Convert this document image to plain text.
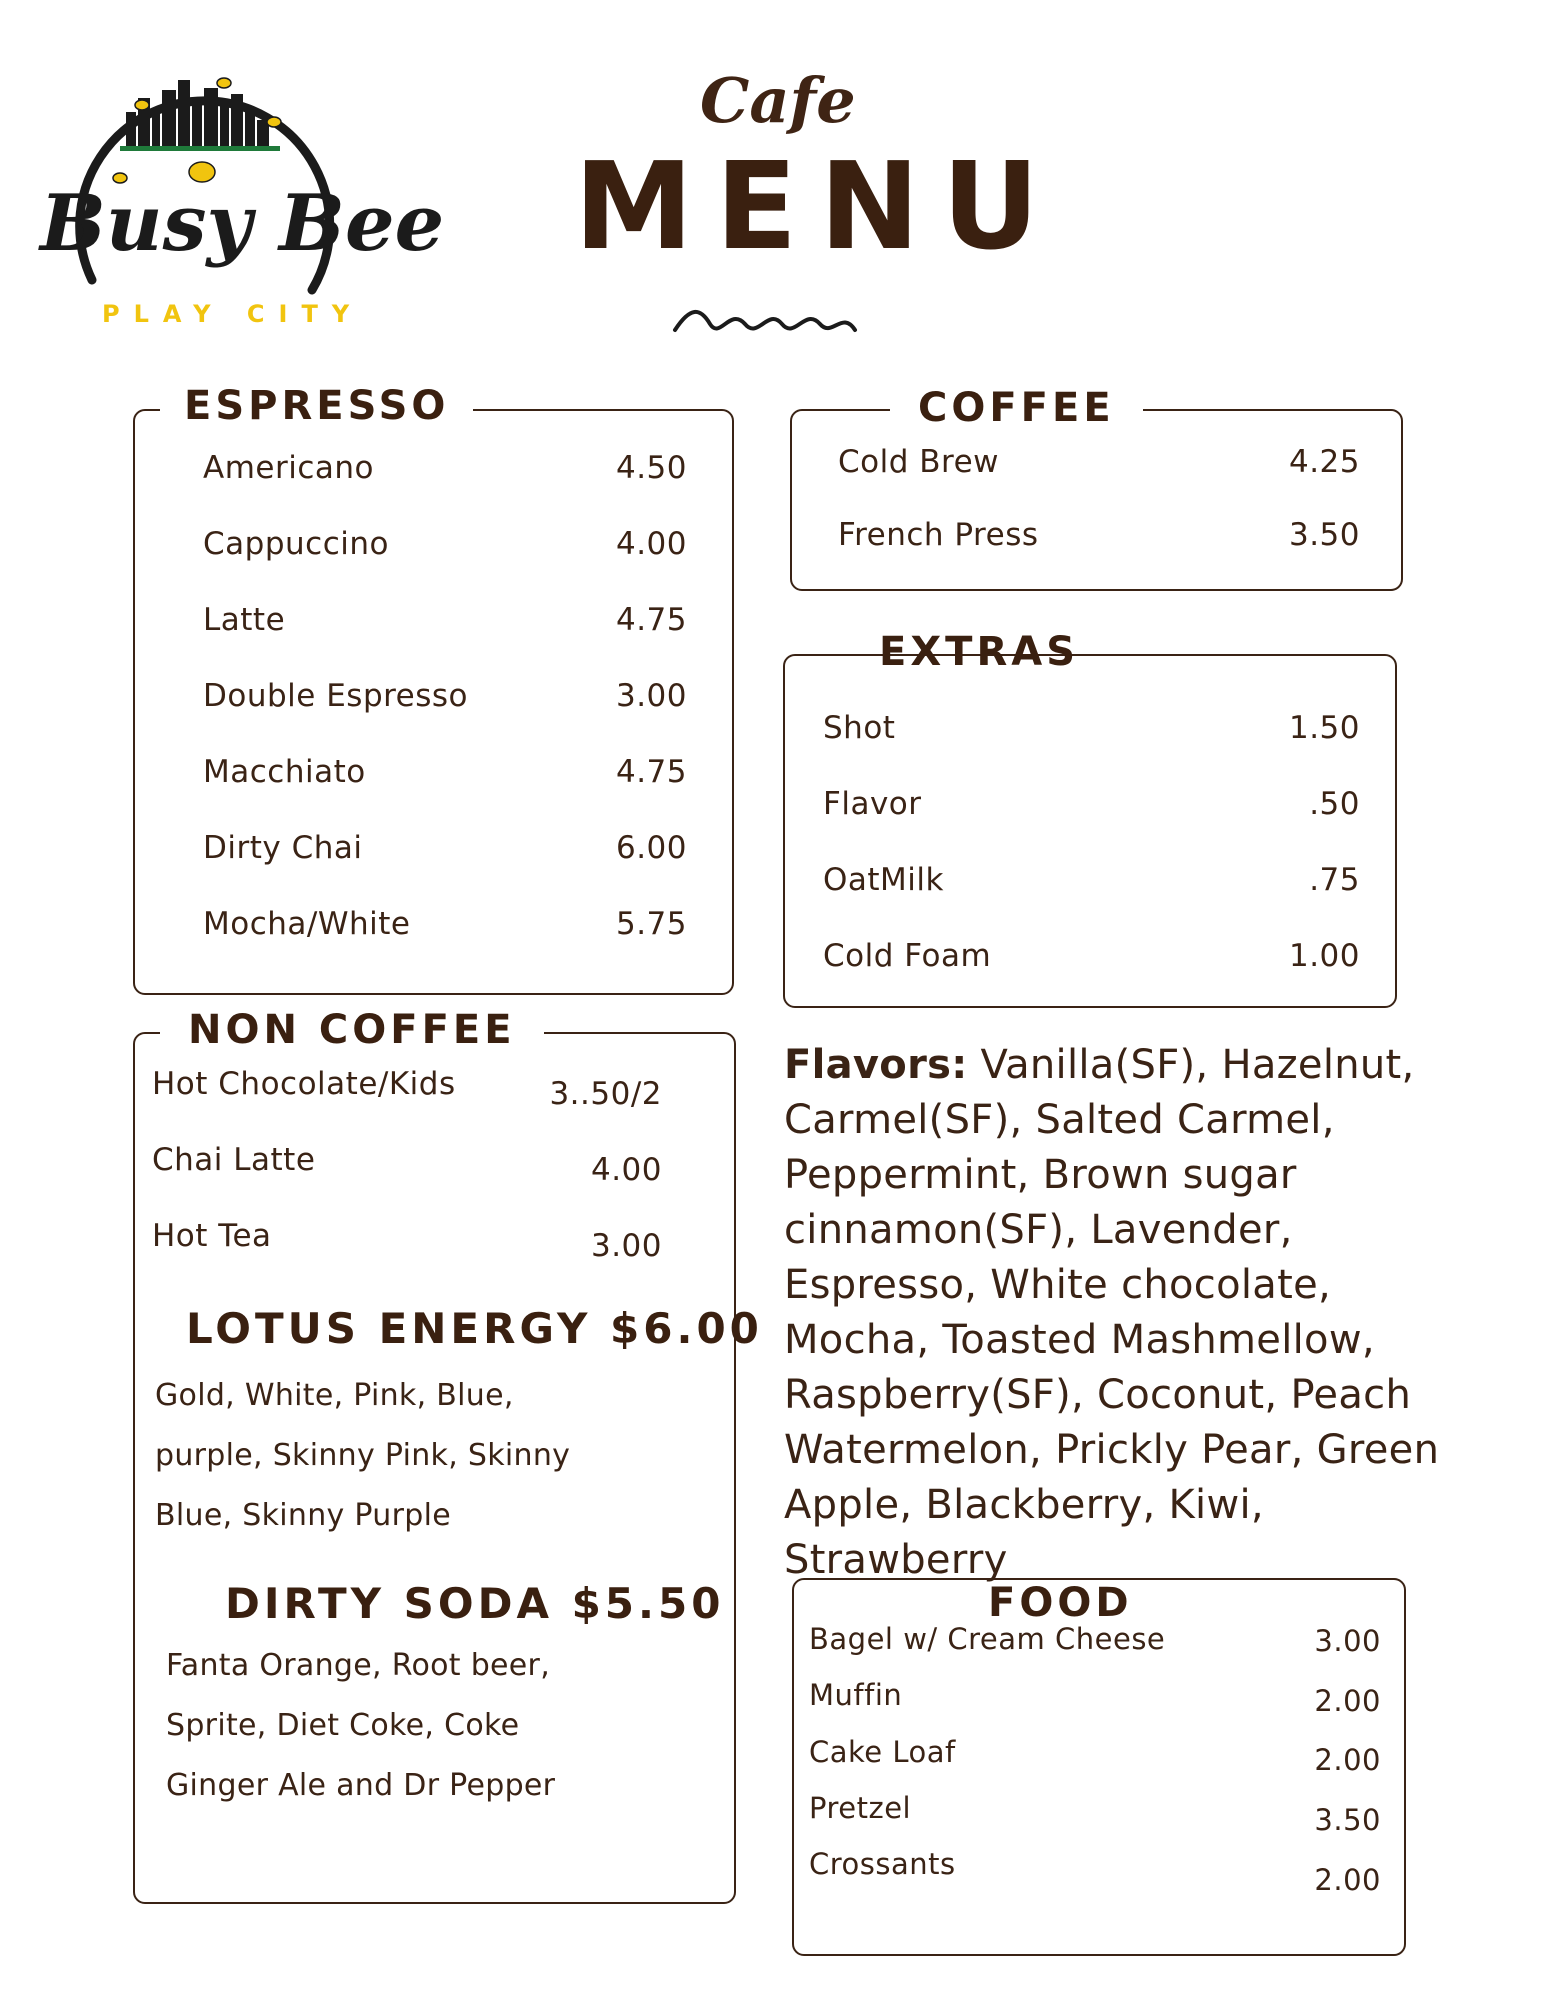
Busy Bee
PLAY CITY
Cafe
MENU
ESPRESSO
Americano	4.50
Cappuccino	4.00
Latte	4.75
Double Espresso	3.00
Macchiato	4.75
Dirty Chai	6.00
Mocha/White	5.75
COFFEE
Cold Brew	4.25
French Press	3.50
EXTRAS
Shot	1.50
Flavor	.50
OatMilk	.75
Cold Foam	1.00
NON COFFEE
Hot Chocolate/Kids	3..50/2
Chai Latte	4.00
Hot Tea	3.00
LOTUS ENERGY $6.00
Gold, White, Pink, Blue,
purple, Skinny Pink, Skinny
Blue, Skinny Purple
DIRTY SODA $5.50
Fanta Orange, Root beer,
Sprite, Diet Coke, Coke
Ginger Ale and Dr Pepper
Flavors: Vanilla(SF), Hazelnut, Carmel(SF), Salted Carmel, Peppermint, Brown sugar cinnamon(SF), Lavender, Espresso, White chocolate, Mocha, Toasted Mashmellow, Raspberry(SF), Coconut, Peach Watermelon, Prickly Pear, Green Apple, Blackberry, Kiwi, Strawberry
FOOD
Bagel w/ Cream Cheese	3.00
Muffin	2.00
Cake Loaf	2.00
Pretzel	3.50
Crossants	2.00
